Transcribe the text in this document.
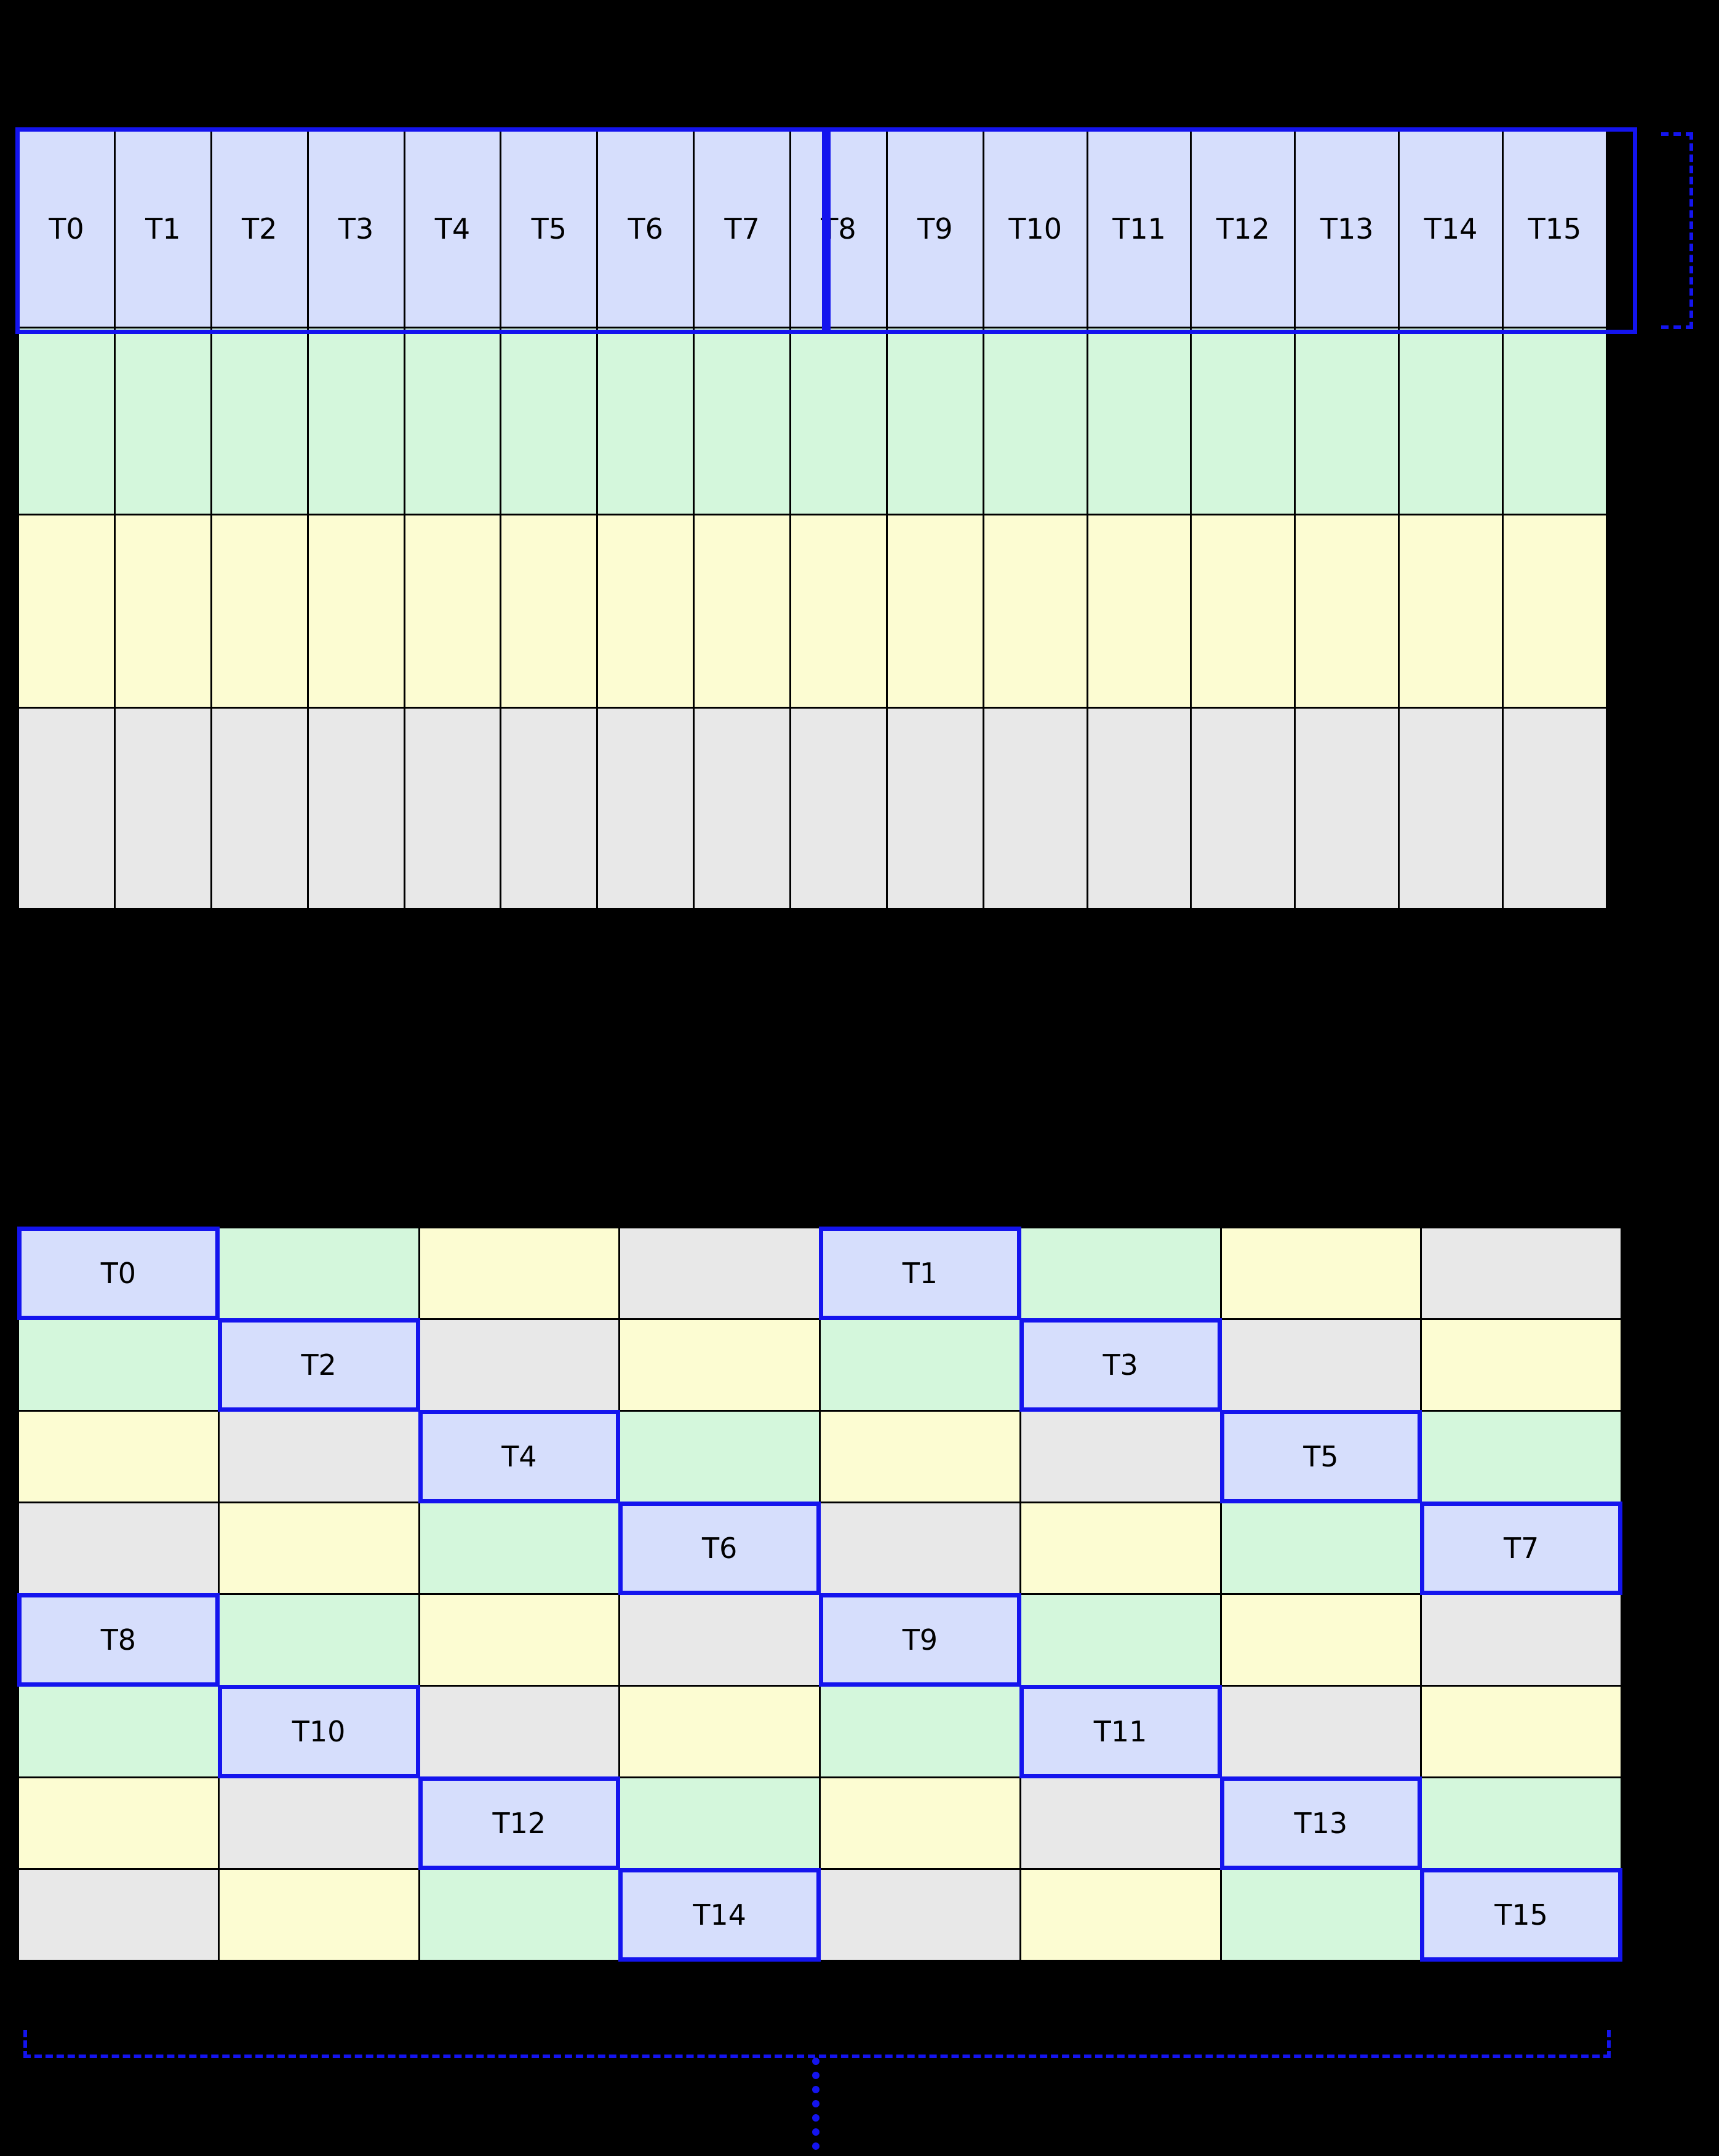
T0	T1	T2	T3	T4	T5	T6	T7	T8	T9	T10	T11	T12	T13	T14	T15
T0	T1
T2	T3
T4	T5
T6	T7
T8	T9
T10	T11
T12	T13
T14	T15
